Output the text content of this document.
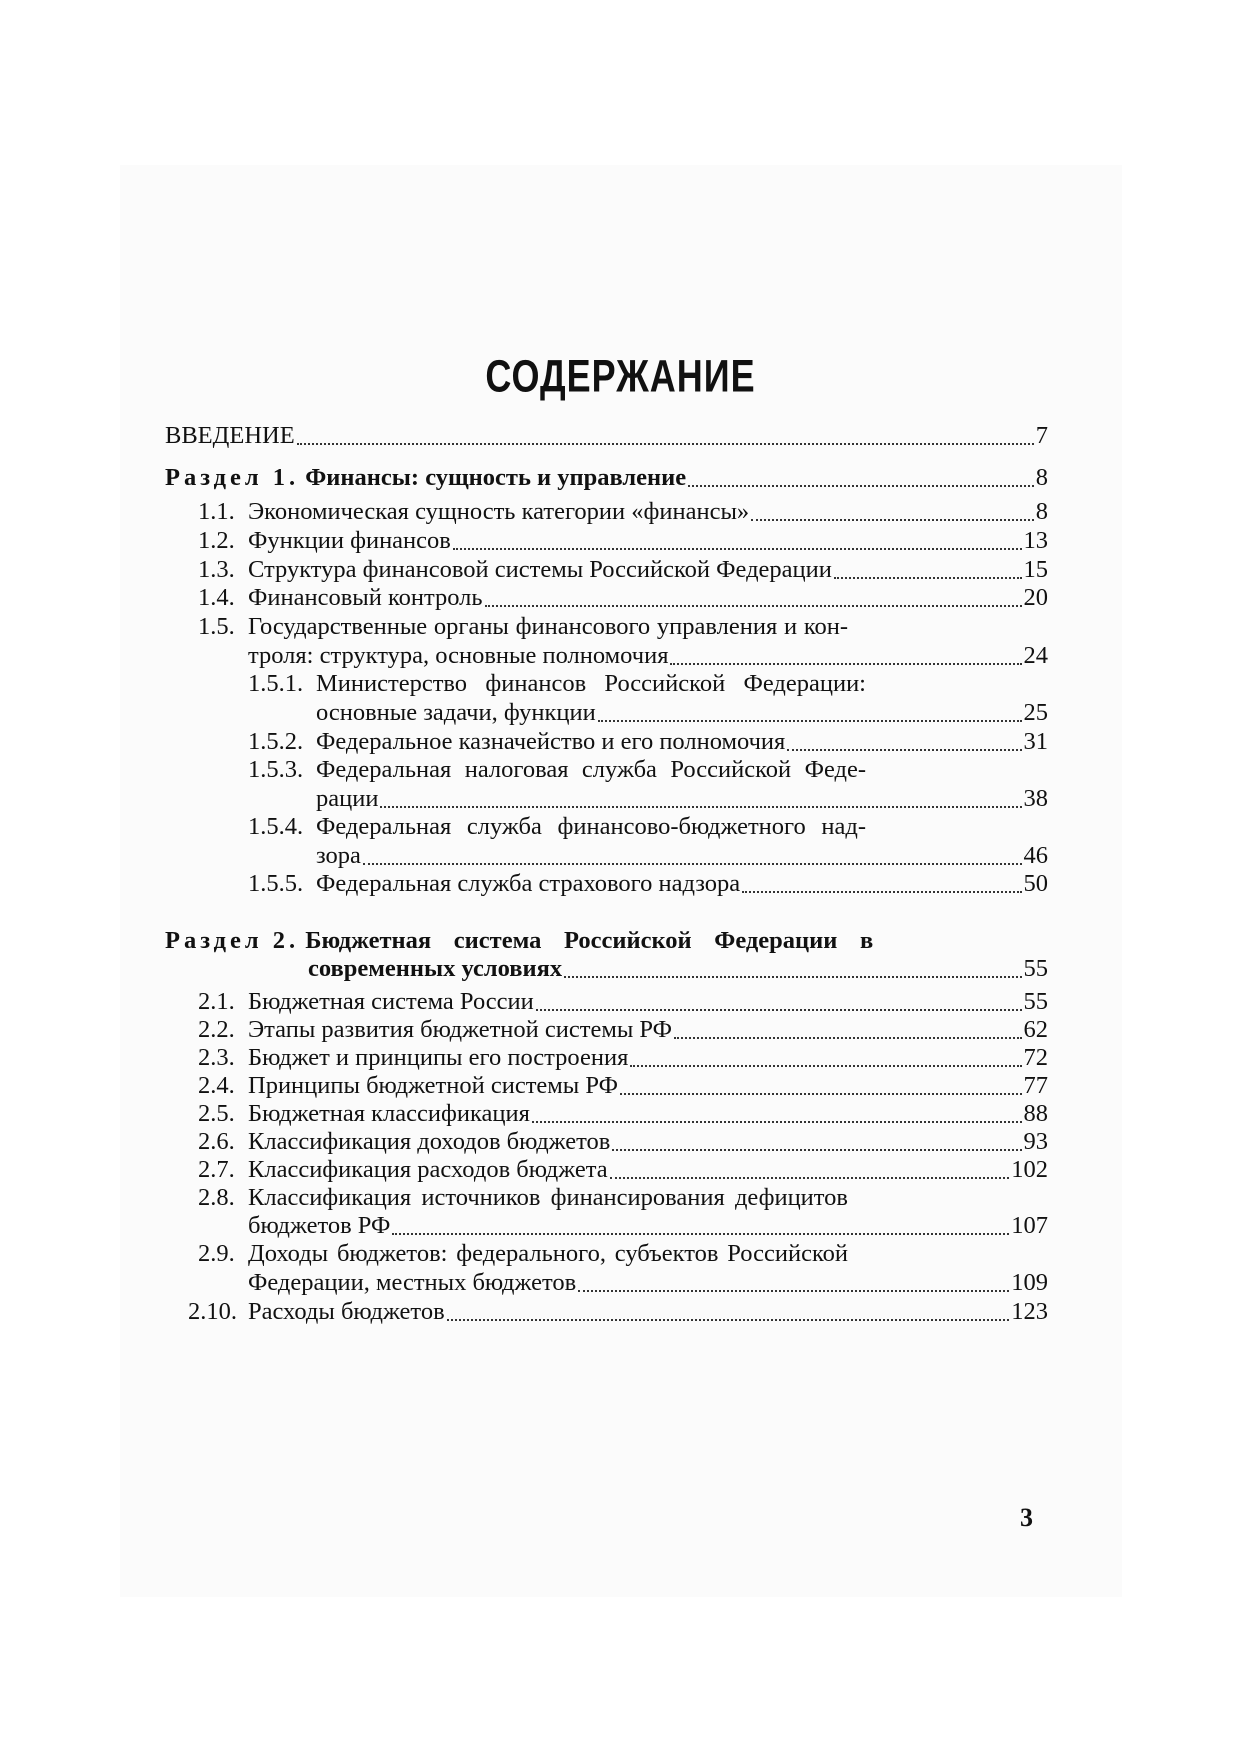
СОДЕРЖАНИЕ
ВВЕДЕНИЕ	7
Раздел 1.
Финансы: сущность и управление	8
1.1. Экономическая сущность категории «финансы»	8
1.2. Функции финансов	13
1.3. Структура финансовой системы Российской Федерации	15
1.4. Финансовый контроль	20
1.5. Государственные органы финансового управления и кон-
троля: структура, основные полномочия	24
1.5.1. Министерство финансов Российской Федерации:
основные задачи, функции	25
1.5.2. Федеральное казначейство и его полномочия	31
1.5.3. Федеральная налоговая служба Российской Феде-
рации	38
1.5.4. Федеральная служба финансово-бюджетного над-
зора	46
1.5.5. Федеральная служба страхового надзора	50
Раздел 2. Бюджетная система Российской Федерации в
современных условиях	55
2.1. Бюджетная система России	55
2.2. Этапы развития бюджетной системы РФ	62
2.3. Бюджет и принципы его построения	72
2.4. Принципы бюджетной системы РФ	77
2.5. Бюджетная классификация	88
2.6. Классификация доходов бюджетов	93
2.7. Классификация расходов бюджета	102
2.8. Классификация источников финансирования дефицитов
бюджетов РФ	107
2.9. Доходы бюджетов: федерального, субъектов Российской
Федерации, местных бюджетов	109
2.10. Расходы бюджетов	123
3
